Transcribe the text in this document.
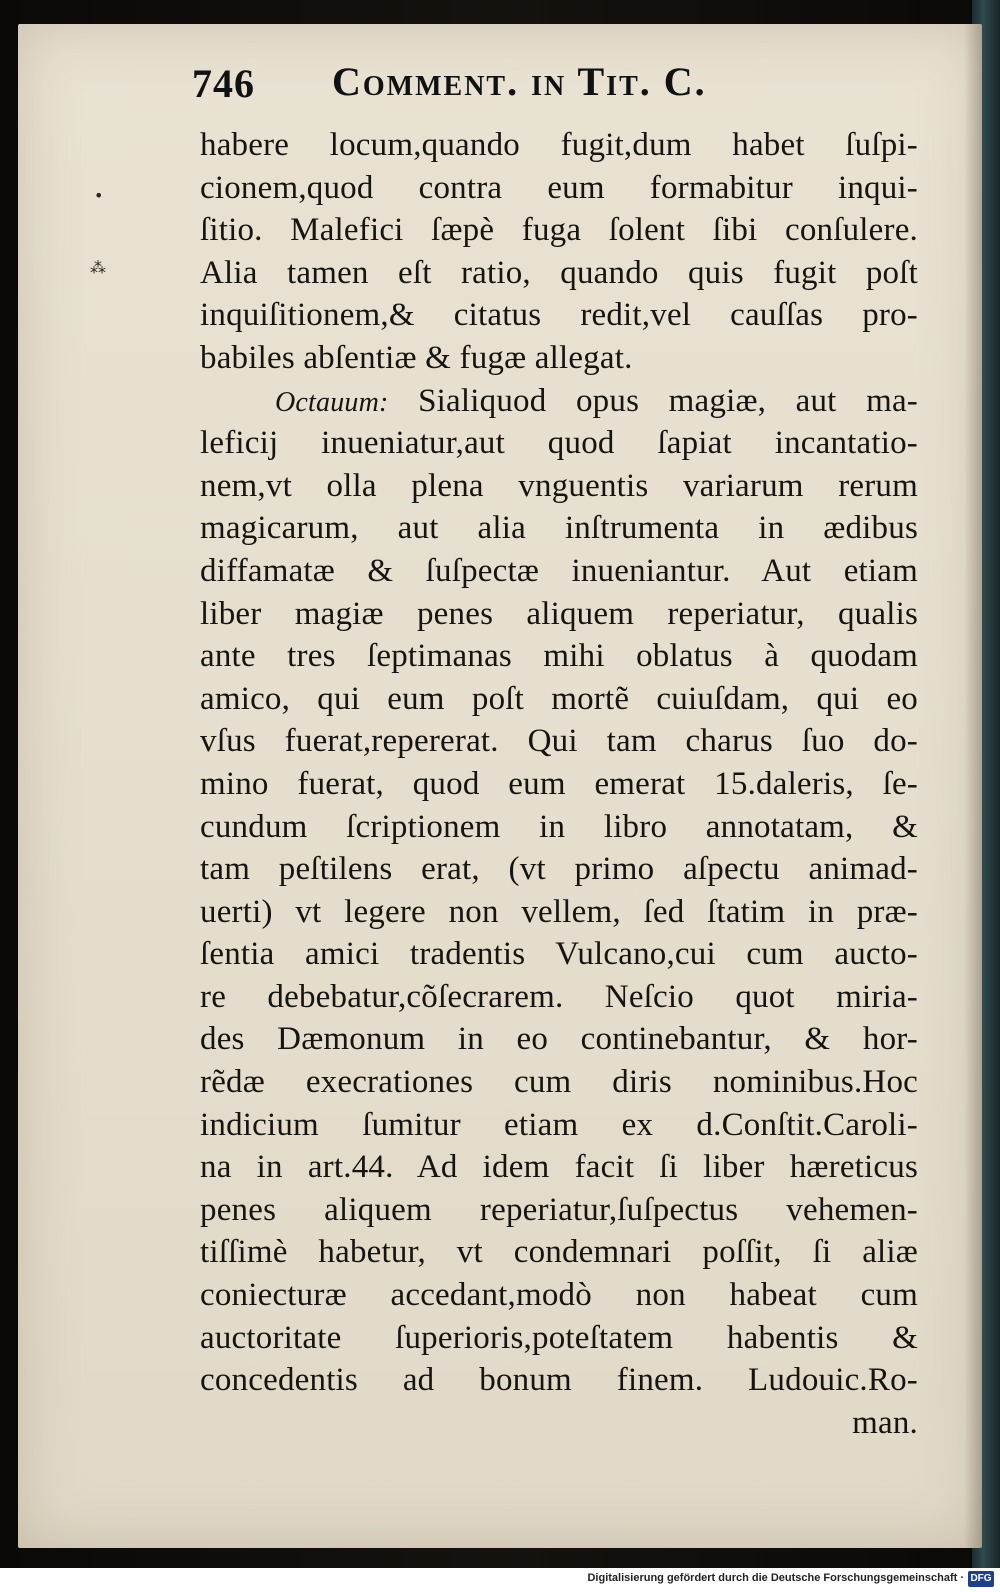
746 Comment. in Tit. C.
•
⁂
habere locum,quando fugit,dum habet ſuſpi-
cionem,quod contra eum formabitur inqui-
ſitio. Malefici ſæpè fuga ſolent ſibi conſulere.
Alia tamen eſt ratio, quando quis fugit poſt
inquiſitionem,& citatus redit,vel cauſſas pro-
babiles abſentiæ & fugæ allegat.
Octauum: Sialiquod opus magiæ, aut ma-
leficij inueniatur,aut quod ſapiat incantatio-
nem,vt olla plena vnguentis variarum rerum
magicarum, aut alia inſtrumenta in ædibus
diffamatæ & ſuſpectæ inueniantur. Aut etiam
liber magiæ penes aliquem reperiatur, qualis
ante tres ſeptimanas mihi oblatus à quodam
amico, qui eum poſt mortẽ cuiuſdam, qui eo
vſus fuerat,repererat. Qui tam charus ſuo do-
mino fuerat, quod eum emerat 15.daleris, ſe-
cundum ſcriptionem in libro annotatam, &
tam peſtilens erat, (vt primo aſpectu animad-
uerti) vt legere non vellem, ſed ſtatim in præ-
ſentia amici tradentis Vulcano,cui cum aucto-
re debebatur,cõſecrarem. Neſcio quot miria-
des Dæmonum in eo continebantur, & hor-
rẽdæ execrationes cum diris nominibus.Hoc
indicium ſumitur etiam ex d.Conſtit.Caroli-
na in art.44. Ad idem facit ſi liber hæreticus
penes aliquem reperiatur,ſuſpectus vehemen-
tiſſimè habetur, vt condemnari poſſit, ſi aliæ
coniecturæ accedant,modò non habeat cum
auctoritate ſuperioris,poteſtatem habentis &
concedentis ad bonum finem. Ludouic.Ro-
man.
Digitalisierung gefördert durch die Deutsche Forschungsgemeinschaft · DFG
